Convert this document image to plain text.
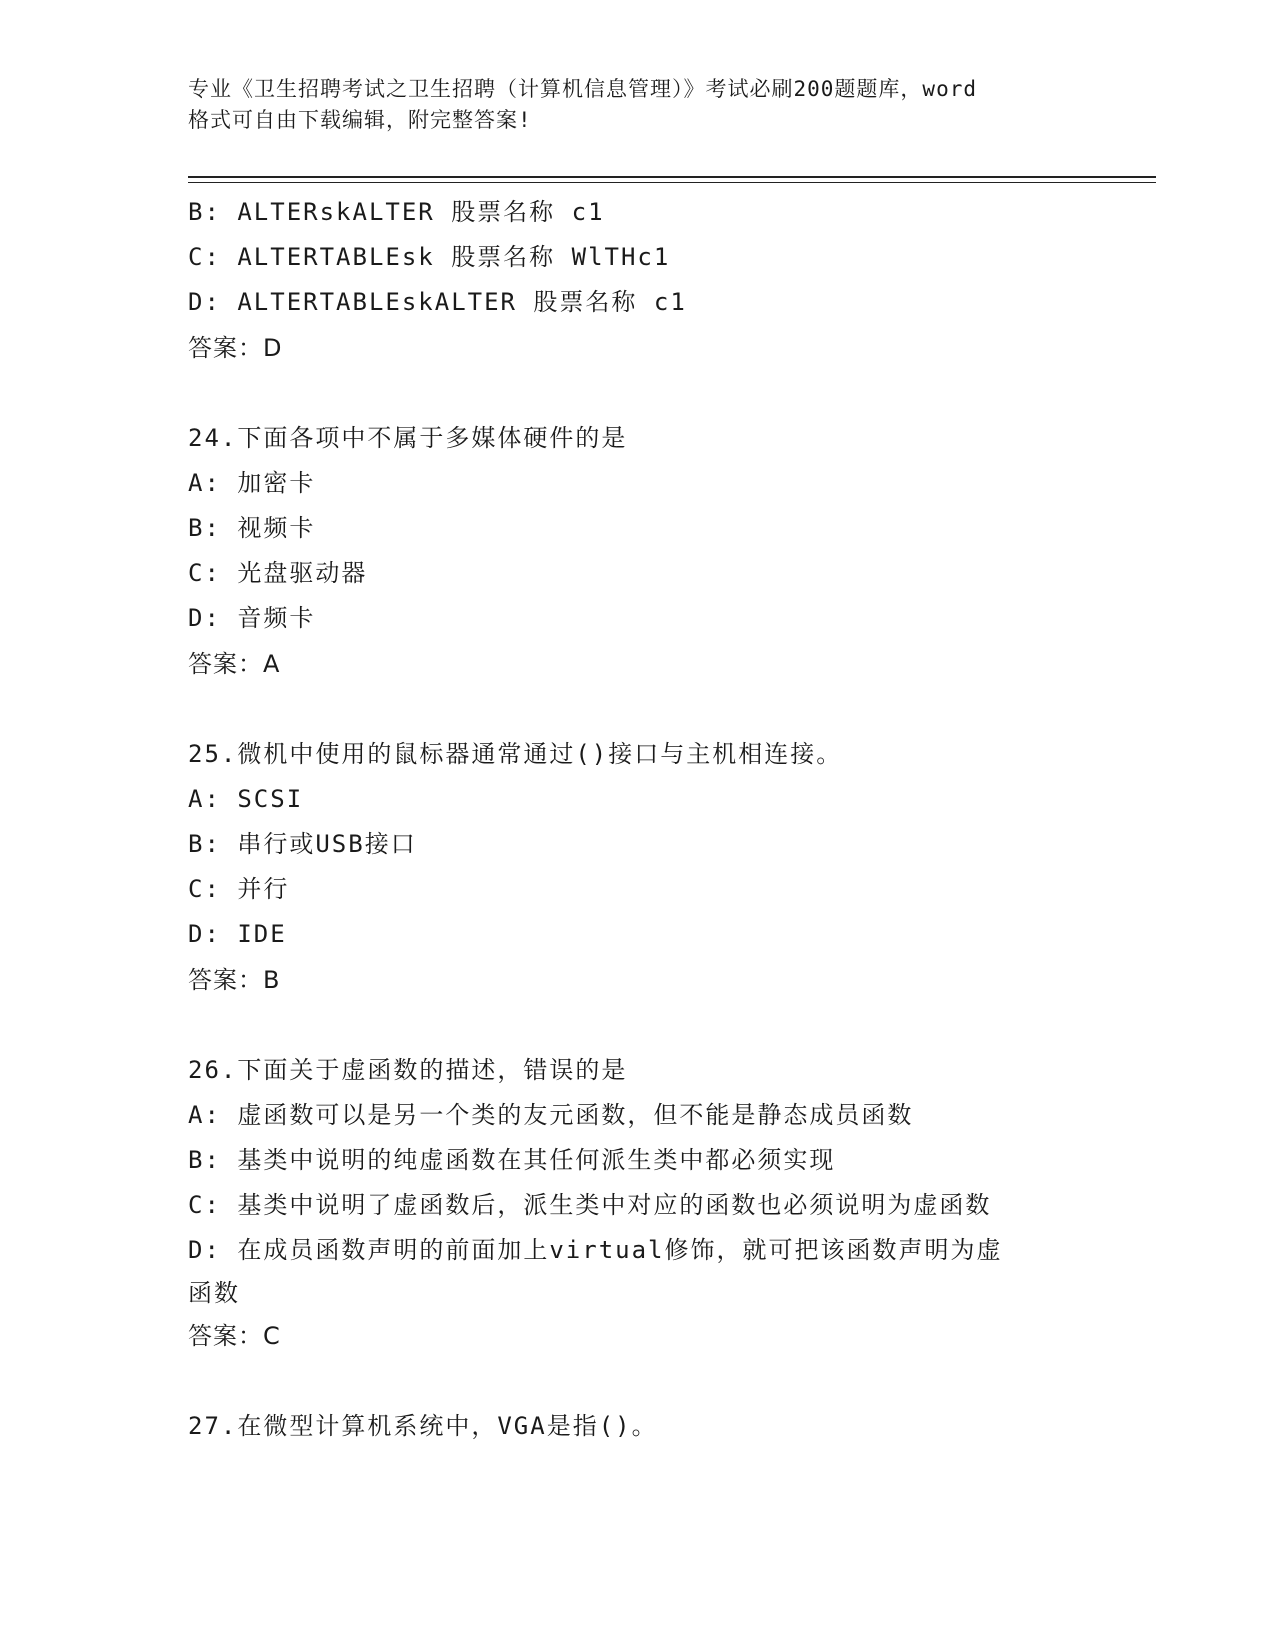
专业《卫生招聘考试之卫生招聘（计算机信息管理）》考试必刷200题题库，word
格式可自由下载编辑，附完整答案!
B: ALTERskALTER 股票名称 c1
C: ALTERTABLEsk 股票名称 WlTHc1
D: ALTERTABLEskALTER 股票名称 c1
答案：D
24.下面各项中不属于多媒体硬件的是
A: 加密卡
B: 视频卡
C: 光盘驱动器
D: 音频卡
答案：A
25.微机中使用的鼠标器通常通过()接口与主机相连接。
A: SCSI
B: 串行或USB接口
C: 并行
D: IDE
答案：B
26.下面关于虚函数的描述，错误的是
A: 虚函数可以是另一个类的友元函数，但不能是静态成员函数
B: 基类中说明的纯虚函数在其任何派生类中都必须实现
C: 基类中说明了虚函数后，派生类中对应的函数也必须说明为虚函数
D: 在成员函数声明的前面加上virtual修饰，就可把该函数声明为虚
函数
答案：C
27.在微型计算机系统中，VGA是指()。
